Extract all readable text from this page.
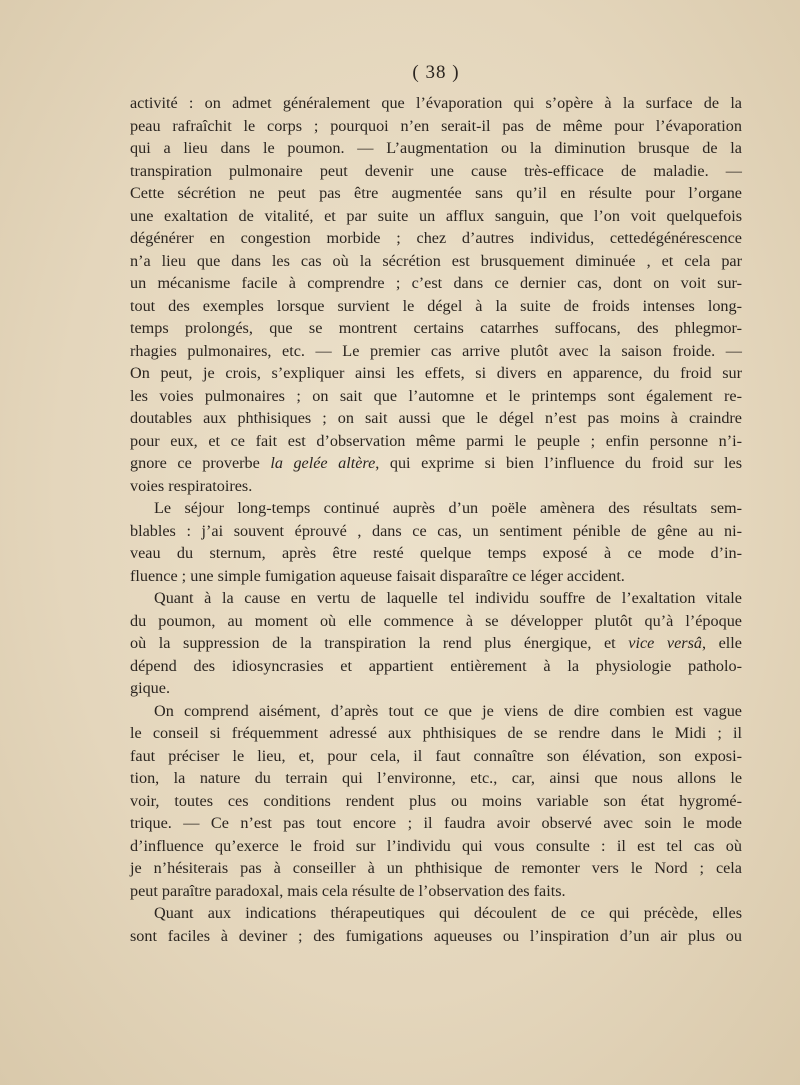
( 38 )
activité : on admet généralement que l’évaporation qui s’opère à la surface de la
peau rafraîchit le corps ; pourquoi n’en serait-il pas de même pour l’évaporation
qui a lieu dans le poumon. — L’augmentation ou la diminution brusque de la
transpiration pulmonaire peut devenir une cause très-efficace de maladie. —
Cette sécrétion ne peut pas être augmentée sans qu’il en résulte pour l’organe
une exaltation de vitalité, et par suite un afflux sanguin, que l’on voit quelquefois
dégénérer en congestion morbide ; chez d’autres individus, cettedégénérescence
n’a lieu que dans les cas où la sécrétion est brusquement diminuée , et cela par
un mécanisme facile à comprendre ; c’est dans ce dernier cas, dont on voit sur-
tout des exemples lorsque survient le dégel à la suite de froids intenses long-
temps prolongés, que se montrent certains catarrhes suffocans, des phlegmor-
rhagies pulmonaires, etc. — Le premier cas arrive plutôt avec la saison froide. —
On peut, je crois, s’expliquer ainsi les effets, si divers en apparence, du froid sur
les voies pulmonaires ; on sait que l’automne et le printemps sont également re-
doutables aux phthisiques ; on sait aussi que le dégel n’est pas moins à craindre
pour eux, et ce fait est d’observation même parmi le peuple ; enfin personne n’i-
gnore ce proverbe la gelée altère, qui exprime si bien l’influence du froid sur les
voies respiratoires.
Le séjour long-temps continué auprès d’un poële amènera des résultats sem-
blables : j’ai souvent éprouvé , dans ce cas, un sentiment pénible de gêne au ni-
veau du sternum, après être resté quelque temps exposé à ce mode d’in-
fluence ; une simple fumigation aqueuse faisait disparaître ce léger accident.
Quant à la cause en vertu de laquelle tel individu souffre de l’exaltation vitale
du poumon, au moment où elle commence à se développer plutôt qu’à l’époque
où la suppression de la transpiration la rend plus énergique, et vice versâ, elle
dépend des idiosyncrasies et appartient entièrement à la physiologie patholo-
gique.
On comprend aisément, d’après tout ce que je viens de dire combien est vague
le conseil si fréquemment adressé aux phthisiques de se rendre dans le Midi ; il
faut préciser le lieu, et, pour cela, il faut connaître son élévation, son exposi-
tion, la nature du terrain qui l’environne, etc., car, ainsi que nous allons le
voir, toutes ces conditions rendent plus ou moins variable son état hygromé-
trique. — Ce n’est pas tout encore ; il faudra avoir observé avec soin le mode
d’influence qu’exerce le froid sur l’individu qui vous consulte : il est tel cas où
je n’hésiterais pas à conseiller à un phthisique de remonter vers le Nord ; cela
peut paraître paradoxal, mais cela résulte de l’observation des faits.
Quant aux indications thérapeutiques qui découlent de ce qui précède, elles
sont faciles à deviner ; des fumigations aqueuses ou l’inspiration d’un air plus ou
